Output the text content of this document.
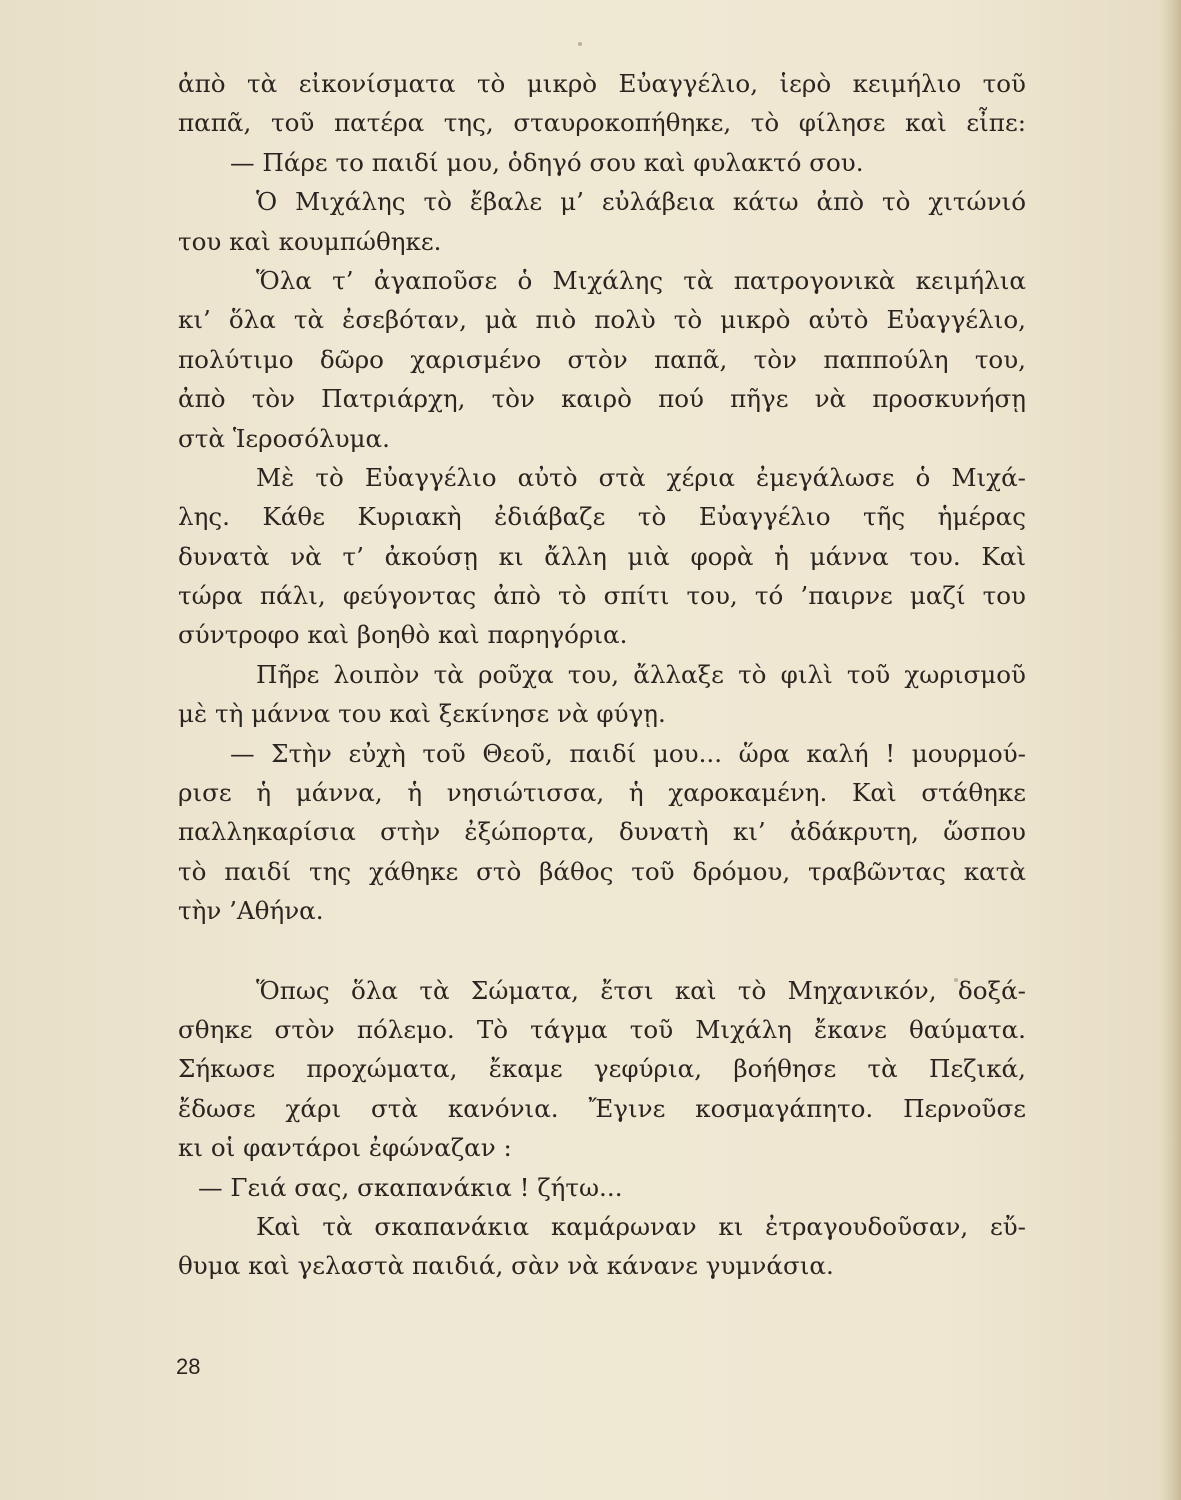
ἀπὸ τὰ εἰκονίσματα τὸ μικρὸ Εὐαγγέλιο, ἱερὸ κειμήλιο τοῦ
παπᾶ, τοῦ πατέρα της, σταυροκοπήθηκε, τὸ φίλησε καὶ εἶπε:
— Πάρε το παιδί μου, ὁδηγό σου καὶ φυλακτό σου.
Ὁ Μιχάλης τὸ ἔβαλε μ’ εὐλάβεια κάτω ἀπὸ τὸ χιτώνιό
του καὶ κουμπώθηκε.
Ὅλα τ’ ἀγαποῦσε ὁ Μιχάλης τὰ πατρογονικὰ κειμήλια
κι’ ὅλα τὰ ἐσεβόταν, μὰ πιὸ πολὺ τὸ μικρὸ αὐτὸ Εὐαγγέλιο,
πολύτιμο δῶρο χαρισμένο στὸν παπᾶ, τὸν παππούλη του,
ἀπὸ τὸν Πατριάρχη, τὸν καιρὸ πού πῆγε νὰ προσκυνήσῃ
στὰ Ἱεροσόλυμα.
Μὲ τὸ Εὐαγγέλιο αὐτὸ στὰ χέρια ἐμεγάλωσε ὁ Μιχά-
λης. Κάθε Κυριακὴ ἐδιάβαζε τὸ Εὐαγγέλιο τῆς ἡμέρας
δυνατὰ νὰ τ’ ἀκούσῃ κι ἄλλη μιὰ φορὰ ἡ μάννα του. Καὶ
τώρα πάλι, φεύγοντας ἀπὸ τὸ σπίτι του, τό ’παιρνε μαζί του
σύντροφο καὶ βοηθὸ καὶ παρηγόρια.
Πῆρε λοιπὸν τὰ ροῦχα του, ἄλλαξε τὸ φιλὶ τοῦ χωρισμοῦ
μὲ τὴ μάννα του καὶ ξεκίνησε νὰ φύγῃ.
— Στὴν εὐχὴ τοῦ Θεοῦ, παιδί μου... ὥρα καλή ! μουρμού-
ρισε ἡ μάννα, ἡ νησιώτισσα, ἡ χαροκαμένη. Καὶ στάθηκε
παλληκαρίσια στὴν ἐξώπορτα, δυνατὴ κι’ ἀδάκρυτη, ὥσπου
τὸ παιδί της χάθηκε στὸ βάθος τοῦ δρόμου, τραβῶντας κατὰ
τὴν ’Αθήνα.
Ὅπως ὅλα τὰ Σώματα, ἔτσι καὶ τὸ Μηχανικόν, δοξά-
σθηκε στὸν πόλεμο. Τὸ τάγμα τοῦ Μιχάλη ἔκανε θαύματα.
Σήκωσε προχώματα, ἔκαμε γεφύρια, βοήθησε τὰ Πεζικά,
ἔδωσε χάρι στὰ κανόνια. Ἔγινε κοσμαγάπητο. Περνοῦσε
κι οἱ φαντάροι ἐφώναζαν :
— Γειά σας, σκαπανάκια ! ζήτω...
Καὶ τὰ σκαπανάκια καμάρωναν κι ἐτραγουδοῦσαν, εὔ-
θυμα καὶ γελαστὰ παιδιά, σὰν νὰ κάνανε γυμνάσια.
28
